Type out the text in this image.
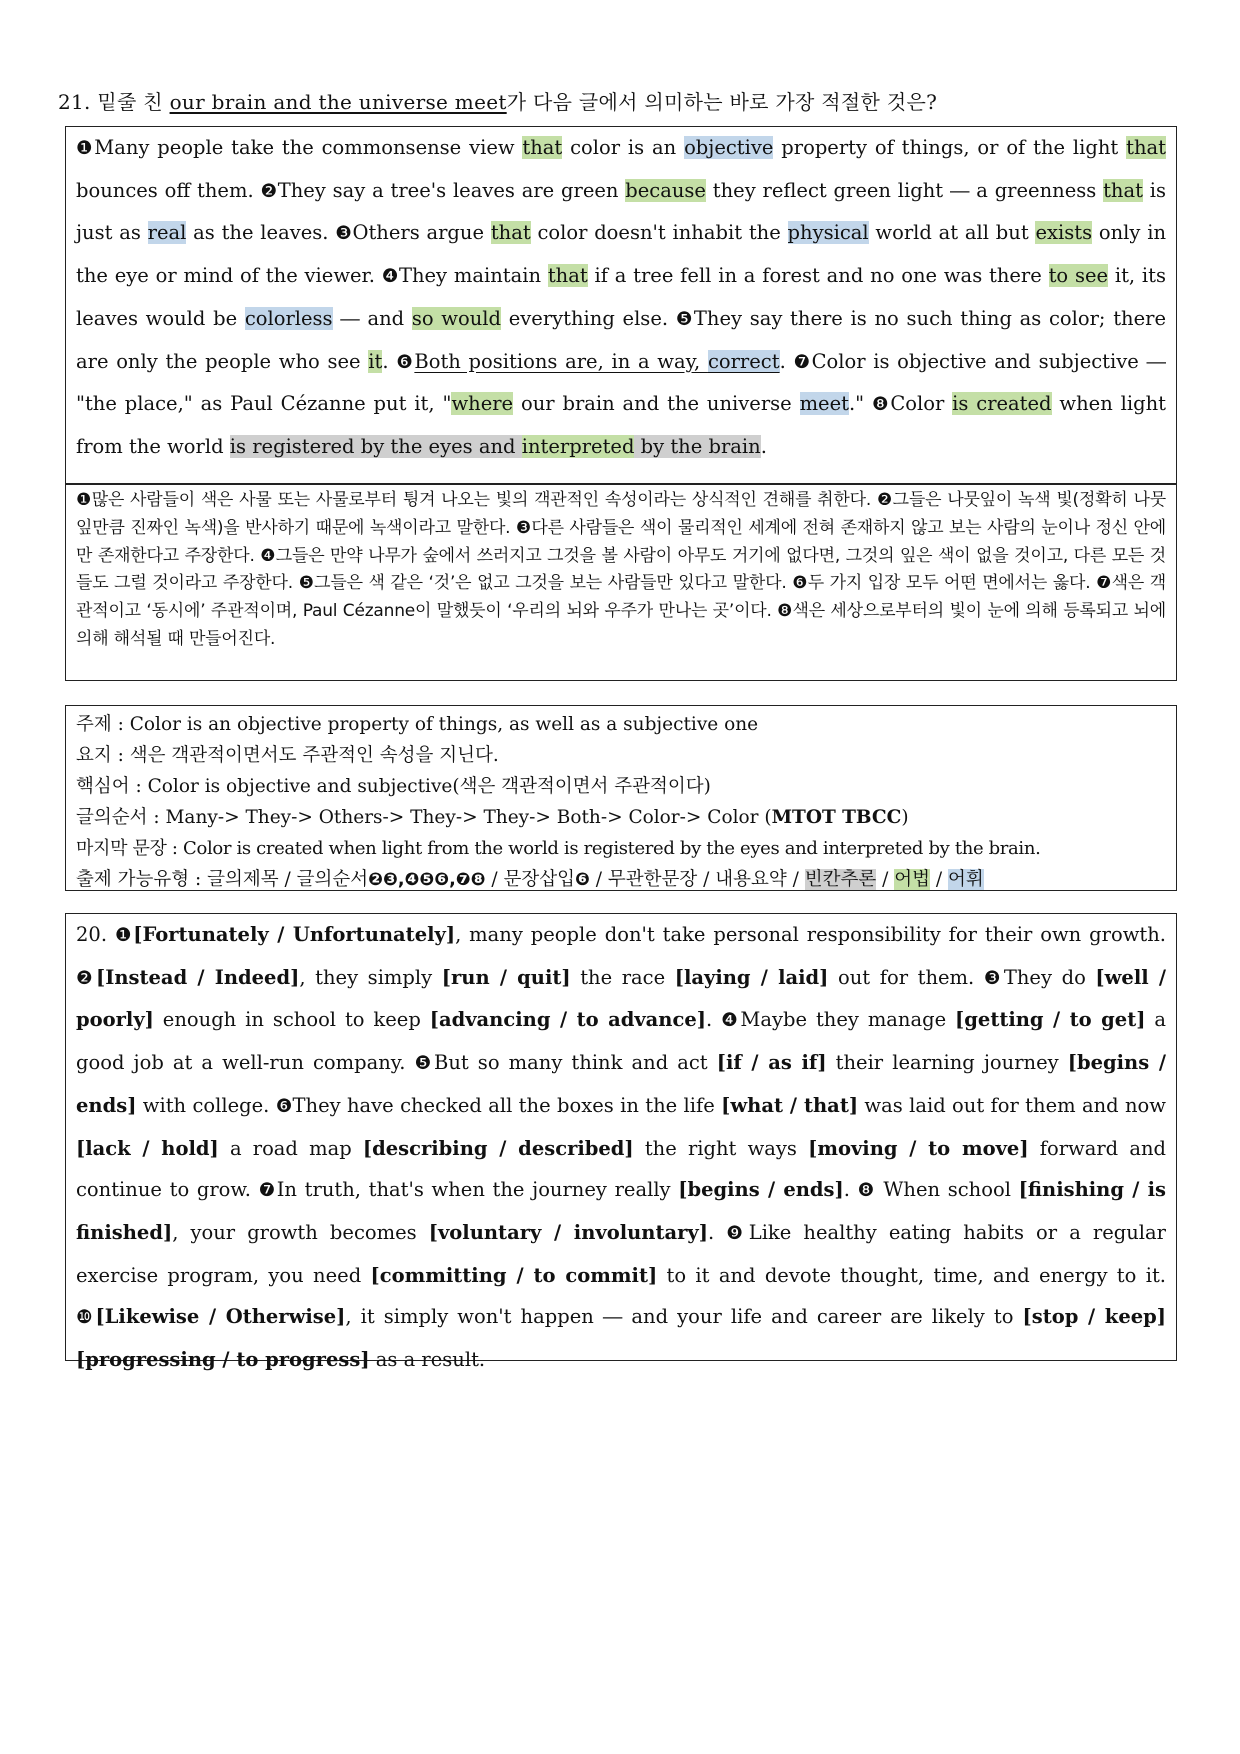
21. 밑줄 친 our brain and the universe meet가 다음 글에서 의미하는 바로 가장 적절한 것은?

❶Many people take the commonsense view that color is an objective property of things, or of the light that bounces off them. ❷They say a tree's leaves are green because they reflect green light ― a greenness that is just as real as the leaves. ❸Others argue that color doesn't inhabit the physical world at all but exists only in the eye or mind of the viewer. ❹They maintain that if a tree fell in a forest and no one was there to see it, its leaves would be colorless ― and so would everything else. ❺They say there is no such thing as color; there are only the people who see it. ❻Both positions are, in a way, correct. ❼Color is objective and subjective ― "the place," as Paul Cézanne put it, "where our brain and the universe meet." ❽Color is created when light from the world is registered by the eyes and interpreted by the brain.

❶많은 사람들이 색은 사물 또는 사물로부터 튕겨 나오는 빛의 객관적인 속성이라는 상식적인 견해를 취한다. ❷그들은 나뭇잎이 녹색 빛(정확히 나뭇잎만큼 진짜인 녹색)을 반사하기 때문에 녹색이라고 말한다. ❸다른 사람들은 색이 물리적인 세계에 전혀 존재하지 않고 보는 사람의 눈이나 정신 안에만 존재한다고 주장한다. ❹그들은 만약 나무가 숲에서 쓰러지고 그것을 볼 사람이 아무도 거기에 없다면, 그것의 잎은 색이 없을 것이고, 다른 모든 것들도 그럴 것이라고 주장한다. ❺그들은 색 같은 ‘것’은 없고 그것을 보는 사람들만 있다고 말한다. ❻두 가지 입장 모두 어떤 면에서는 옳다. ❼색은 객관적이고 ‘동시에’ 주관적이며, Paul Cézanne이 말했듯이 ‘우리의 뇌와 우주가 만나는 곳’이다. ❽색은 세상으로부터의 빛이 눈에 의해 등록되고 뇌에 의해 해석될 때 만들어진다.
주제 : Color is an objective property of things, as well as a subjective one
요지 : 색은 객관적이면서도 주관적인 속성을 지닌다.
핵심어 : Color is objective and subjective(색은 객관적이면서 주관적이다)
글의순서 : Many-> They-> Others-> They-> They-> Both-> Color-> Color (MTOT TBCC)
마지막 문장 : Color is created when light from the world is registered by the eyes and interpreted by the brain.
출제 가능유형 : 글의제목 / 글의순서❷❸,❹❺❻,❼❽ / 문장삽입❻ / 무관한문장 / 내용요약 / 빈칸추론 / 어법 / 어휘

20. ❶[Fortunately / Unfortunately], many people don't take personal responsibility for their own growth. ❷[Instead / Indeed], they simply [run / quit] the race [laying / laid] out for them. ❸They do [well / poorly] enough in school to keep [advancing / to advance]. ❹Maybe they manage [getting / to get] a good job at a well-run company. ❺But so many think and act [if / as if] their learning journey [begins / ends] with college. ❻They have checked all the boxes in the life [what / that] was laid out for them and now [lack / hold] a road map [describing / described] the right ways [moving / to move] forward and continue to grow. ❼In truth, that's when the journey really [begins / ends]. ❽ When school [finishing / is finished], your growth becomes [voluntary / involuntary]. ❾Like healthy eating habits or a regular exercise program, you need [committing / to commit] to it and devote thought, time, and energy to it. ❿[Likewise / Otherwise], it simply won't happen ― and your life and career are likely to [stop / keep] [progressing / to progress] as a result.
